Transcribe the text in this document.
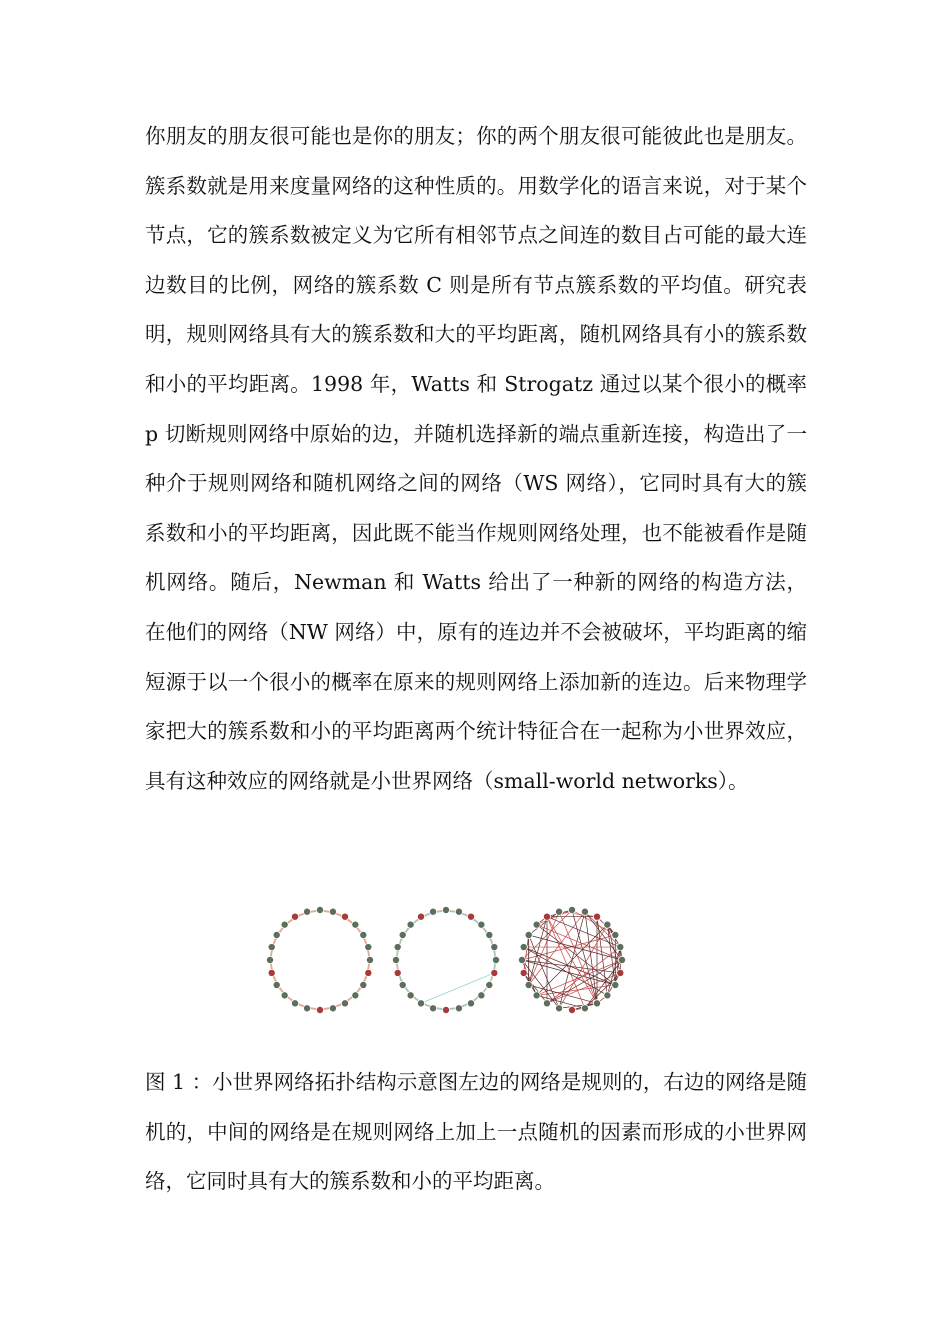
你朋友的朋友很可能也是你的朋友；你的两个朋友很可能彼此也是朋友。簇系数就是用来度量网络的这种性质的。用数学化的语言来说，对于某个节点，它的簇系数被定义为它所有相邻节点之间连的数目占可能的最大连边数目的比例，网络的簇系数 C 则是所有节点簇系数的平均值。研究表明，规则网络具有大的簇系数和大的平均距离，随机网络具有小的簇系数和小的平均距离。1998 年，Watts 和 Strogatz 通过以某个很小的概率 p 切断规则网络中原始的边，并随机选择新的端点重新连接，构造出了一种介于规则网络和随机网络之间的网络（WS 网络），它同时具有大的簇系数和小的平均距离，因此既不能当作规则网络处理，也不能被看作是随机网络。随后，Newman 和 Watts 给出了一种新的网络的构造方法，在他们的网络（NW 网络）中，原有的连边并不会被破坏，平均距离的缩短源于以一个很小的概率在原来的规则网络上添加新的连边。后来物理学家把大的簇系数和小的平均距离两个统计特征合在一起称为小世界效应，具有这种效应的网络就是小世界网络（small-world networks）。

图 1 ：小世界网络拓扑结构示意图左边的网络是规则的，右边的网络是随机的，中间的网络是在规则网络上加上一点随机的因素而形成的小世界网络，它同时具有大的簇系数和小的平均距离。
